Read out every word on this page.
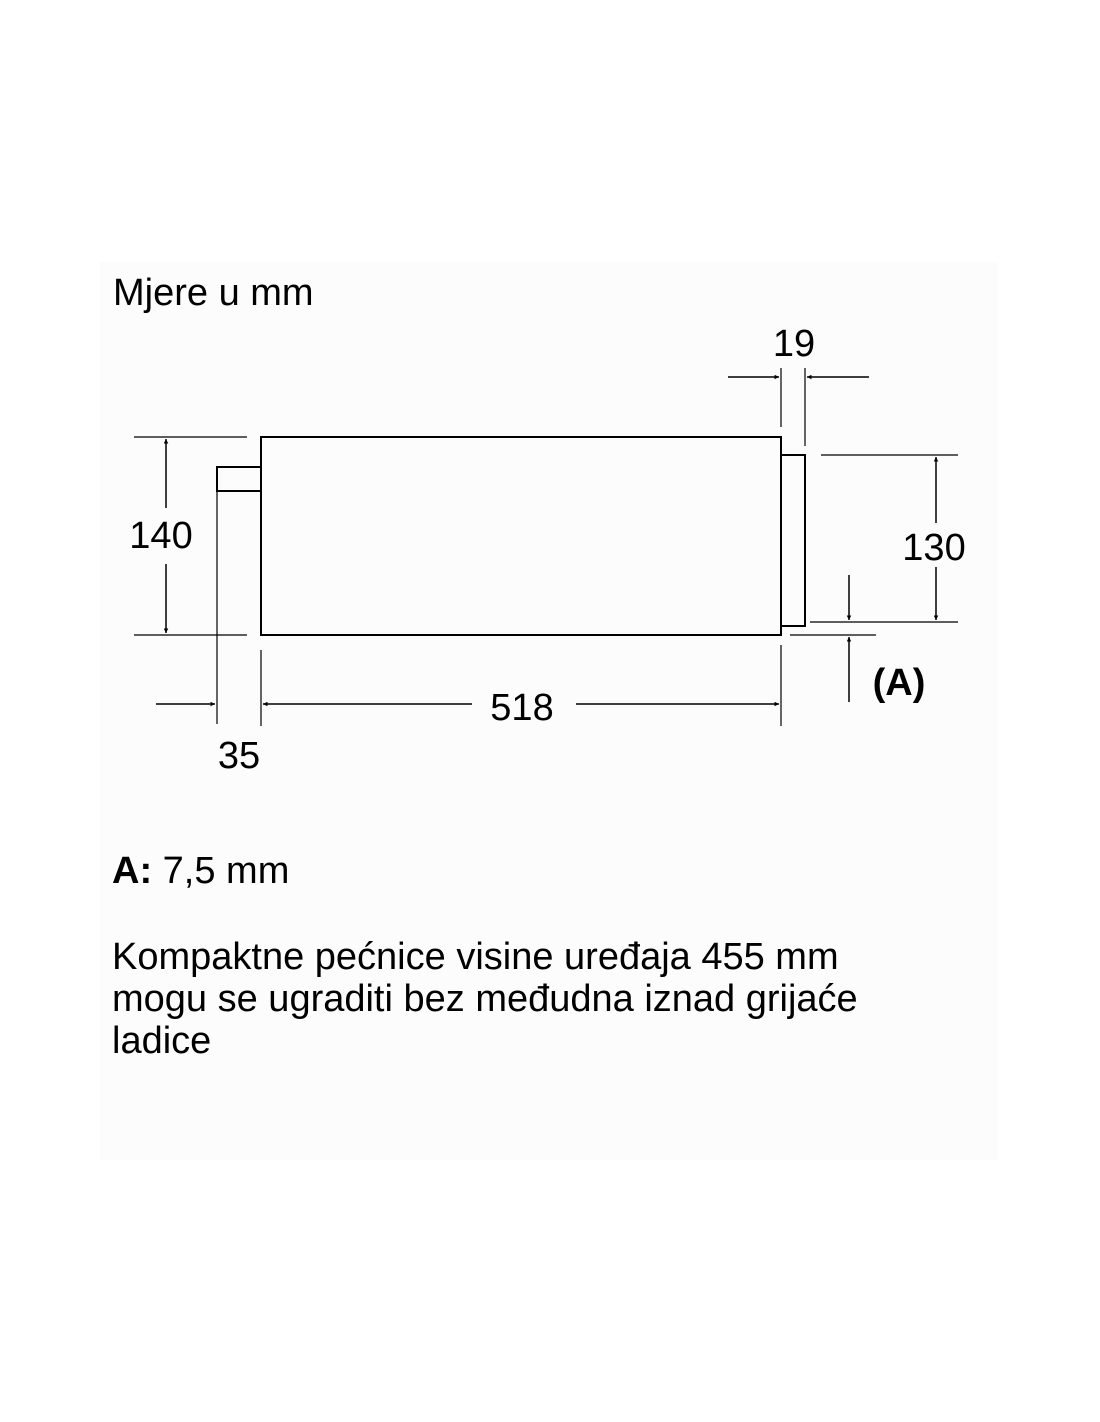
Mjere u mm
140
518
35
19
130
(A)
A: 7,5 mm
Kompaktne pećnice visine uređaja 455 mm
mogu se ugraditi bez međudna iznad grijaće
ladice
